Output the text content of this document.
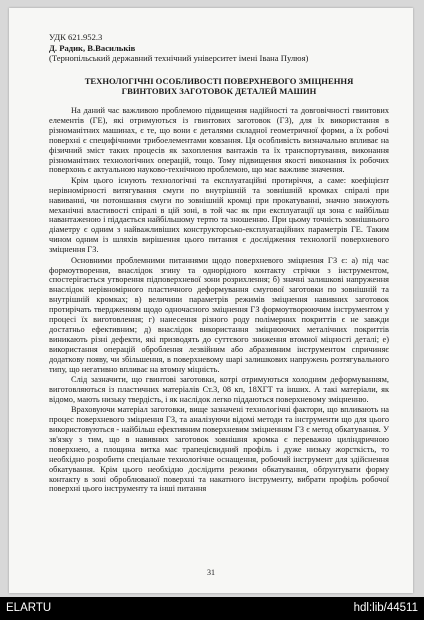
УДК 621.952.3
Д. Радик, В.Васильків
(Тернопільський державний технічний університет імені Івана Пулюя)
ТЕХНОЛОГІЧНІ ОСОБЛИВОСТІ ПОВЕРХНЕВОГО ЗМІЦНЕННЯ
ГВИНТОВИХ ЗАГОТОВОК ДЕТАЛЕЙ МАШИН

На даний час важливою проблемою підвищення надійності та довговічності гвинтових елементів (ГЕ), які отримуються із гвинтових заготовок (ГЗ), для їх використання в різноманітних машинах, є те, що вони є деталями складної геометричної форми, а їх робочі поверхні є специфічними трибоелементами ковзання. Ця особливість визначально впливає на фізичний зміст таких процесів як захоплення вантажів та їх транспортування, виконання різноманітних технологічних операцій, тощо. Тому підвищення якості виконання їх робочих поверхонь є актуальною науково-технічною проблемою, що має важливе значення.

Крім цього існують технологічні та експлуатаційні протиріччя, а саме: коефіцієнт нерівномірності витягування смуги по внутрішній та зовнішній кромках спіралі при навиванні, чи потоншання смуги по зовнішній кромці при прокатуванні, значно знижують механічні властивості спіралі в цій зоні, в той час як при експлуатації ця зона є найбільш навантаженою і піддається найбільшому тертю та зношенню. При цьому точність зовнішнього діаметру є одним з найважливіших конструкторсько-експлуатаційних параметрів ГЕ. Таким чином одним із шляхів вирішення цього питання є дослідження технології поверхневого зміцнення ГЗ.

Основними проблемними питаннями щодо поверхневого зміцнення ГЗ є: а) під час формоутворення, внаслідок згину та однорідного контакту стрічки з інструментом, спостерігається утворення підповерхневої зони розрихлення; б) значні залишкові напруження внаслідок нерівномірного пластичного деформування смугової заготовки по зовнішній та внутрішній кромках; в) величини параметрів режимів зміцнення навивних заготовок протирічать твердженням щодо одночасного зміцнення ГЗ формоутворюючим інструментом у процесі їх виготовлення; г) нанесення різного роду полімерних покриттів є не завжди достатньо ефективним; д) внаслідок використання зміцнюючих металічних покриттів виникають різні дефекти, які призводять до суттєвого зниження втомної міцності деталі; е) використання операцій оброблення лезвійним або абразивним інструментом спричиняє додаткову появу, чи збільшення, в поверхневому шарі залишкових напружень розтягувального типу, що негативно впливає на втомну міцність.

Слід зазначити, що гвинтові заготовки, котрі отримуються холодним деформуванням, виготовляються із пластичних матеріалів Ст.3, 08 кп, 18ХГТ та інших. А такі матеріали, як відомо, мають низьку твердість, і як наслідок легко піддаються поверхневому зміцненню.

Враховуючи матеріал заготовки, вище зазначені технологічні фактори, що впливають на процес поверхневого зміцнення ГЗ, та аналізуючи відомі методи та інструменти що для цього використовуються - найбільш ефективним поверхневим зміцненням ГЗ є метод обкатування. У зв'язку з тим, що в навивних заготовок зовнішня кромка є переважно циліндричною поверхнею, а площина витка має трапецієвидний профіль і дуже низьку жорсткість, то необхідно розробити спеціальне технологічне оснащення, робочий інструмент для здійснення обкатування. Крім цього необхідно дослідити режими обкатування, обґрунтувати форму контакту в зоні оброблюваної поверхні та накатного інструменту, вибрати профіль робочої поверхні цього інструменту та інші питання

31
ELARTU	hdl:lib/44511
